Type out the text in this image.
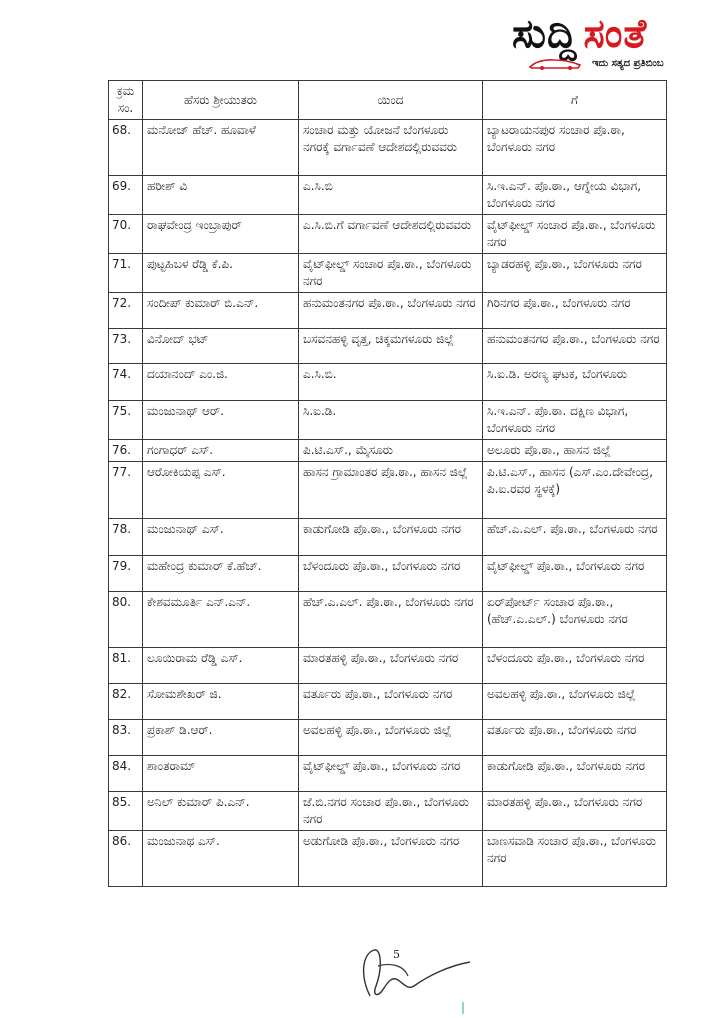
ಸುದ್ದಿ ಸಂತೆ
ಇದು ಸತ್ಯದ ಪ್ರತಿಬಿಂಬ
ಕ್ರಮ ಸಂ.	ಹೆಸರು ಶ್ರೀಯುತರು	ಯಿಂದ	ಗೆ
68.	ಮನೋಜ್ ಹೆಚ್. ಹೂವಾಳೆ	ಸಂಚಾರ ಮತ್ತು ಯೋಜನೆ ಬೆಂಗಳೂರು ನಗರಕ್ಕೆ ವರ್ಗಾವಣೆ ಆದೇಶದಲ್ಲಿರುವವರು	ಬ್ಯಾಟರಾಯನಪುರ ಸಂಚಾರ ಪೊ.ಠಾ, ಬೆಂಗಳೂರು ನಗರ
69.	ಹರೀಶ್ ವಿ	ಎ.ಸಿ.ಬಿ	ಸಿ.ಇ.ಎನ್. ಪೊ.ಠಾ., ಆಗ್ನೇಯ ವಿಭಾಗ, ಬೆಂಗಳೂರು ನಗರ
70.	ರಾಘವೇಂದ್ರ ಇಂಬ್ರಾಪುರ್	ಎ.ಸಿ.ಬಿ.ಗೆ ವರ್ಗಾವಣೆ ಆದೇಶದಲ್ಲಿರುವವರು	ವೈಟ್‌ಫೀಲ್ಡ್ ಸಂಚಾರ ಪೊ.ಠಾ., ಬೆಂಗಳೂರು ನಗರ
71.	ಪುಟ್ಟಹಿಬಳ ರೆಡ್ಡಿ ಕೆ.ಪಿ.	ವೈಟ್‌ಫೀಲ್ಡ್ ಸಂಚಾರ ಪೊ.ಠಾ., ಬೆಂಗಳೂರು ನಗರ	ಬ್ಯಾಡರಹಳ್ಳಿ ಪೊ.ಠಾ., ಬೆಂಗಳೂರು ನಗರ
72.	ಸಂದೀಪ್ ಕುಮಾರ್ ಬಿ.ಎನ್.	ಹನುಮಂತನಗರ ಪೊ.ಠಾ., ಬೆಂಗಳೂರು ನಗರ	ಗಿರಿನಗರ ಪೊ.ಠಾ., ಬೆಂಗಳೂರು ನಗರ
73.	ವಿನೋದ್ ಭಟ್	ಬಸವನಹಳ್ಳಿ ವೃತ್ತ, ಚಿಕ್ಕಮಗಳೂರು ಜಿಲ್ಲೆ	ಹನುಮಂತನಗರ ಪೊ.ಠಾ., ಬೆಂಗಳೂರು ನಗರ
74.	ದಯಾನಂದ್ ಎಂ.ಜಿ.	ಎ.ಸಿ.ಬಿ.	ಸಿ.ಐ.ಡಿ. ಅರಣ್ಯ ಘಟಕ, ಬೆಂಗಳೂರು
75.	ಮಂಜುನಾಥ್ ಆರ್.	ಸಿ.ಐ.ಡಿ.	ಸಿ.ಇ.ಎನ್. ಪೊ.ಠಾ. ದಕ್ಷಿಣ ವಿಭಾಗ, ಬೆಂಗಳೂರು ನಗರ
76.	ಗಂಗಾಧರ್ ಎಸ್.	ಪಿ.ಟಿ.ಎಸ್., ಮೈಸೂರು	ಅಲೂರು ಪೊ.ಠಾ., ಹಾಸನ ಜಿಲ್ಲೆ
77.	ಆರೋಕಿಯಪ್ಪ ಎಸ್.	ಹಾಸನ ಗ್ರಾಮಾಂತರ ಪೊ.ಠಾ., ಹಾಸನ ಜಿಲ್ಲೆ	ಪಿ.ಟಿ.ಎಸ್., ಹಾಸನ (ಎಸ್.ಎಂ.ದೇವೇಂದ್ರ, ಪಿ.ಐ.ರವರ ಸ್ಥಳಕ್ಕೆ)
78.	ಮಂಜುನಾಥ್ ಎಸ್.	ಕಾಡುಗೋಡಿ ಪೊ.ಠಾ., ಬೆಂಗಳೂರು ನಗರ	ಹೆಚ್.ಎ.ಎಲ್. ಪೊ.ಠಾ., ಬೆಂಗಳೂರು ನಗರ
79.	ಮಹೇಂದ್ರ ಕುಮಾರ್ ಕೆ.ಹೆಚ್.	ಬೆಳಂದೂರು ಪೊ.ಠಾ., ಬೆಂಗಳೂರು ನಗರ	ವೈಟ್‌ಫೀಲ್ಡ್ ಪೊ.ಠಾ., ಬೆಂಗಳೂರು ನಗರ
80.	ಕೇಶವಮೂರ್ತಿ ಎನ್.ಎನ್.	ಹೆಚ್.ಎ.ಎಲ್. ಪೊ.ಠಾ., ಬೆಂಗಳೂರು ನಗರ	ಏರ್‌ಪೋರ್ಟ್ ಸಂಚಾರ ಪೊ.ಠಾ., (ಹೆಚ್.ಎ.ಎಲ್.) ಬೆಂಗಳೂರು ನಗರ
81.	ಲೂಯಿರಾಮ ರೆಡ್ಡಿ ಎಸ್.	ಮಾರತಹಳ್ಳಿ ಪೊ.ಠಾ., ಬೆಂಗಳೂರು ನಗರ	ಬೆಳಂದೂರು ಪೊ.ಠಾ., ಬೆಂಗಳೂರು ನಗರ
82.	ಸೋಮಶೇಖರ್ ಜಿ.	ವರ್ತೂರು ಪೊ.ಠಾ., ಬೆಂಗಳೂರು ನಗರ	ಅವಲಹಳ್ಳಿ ಪೊ.ಠಾ., ಬೆಂಗಳೂರು ಜಿಲ್ಲೆ
83.	ಪ್ರಕಾಶ್ ಡಿ.ಆರ್.	ಅವಲಹಳ್ಳಿ ಪೊ.ಠಾ., ಬೆಂಗಳೂರು ಜಿಲ್ಲೆ	ವರ್ತೂರು ಪೊ.ಠಾ., ಬೆಂಗಳೂರು ನಗರ
84.	ಶಾಂತರಾಮ್	ವೈಟ್‌ಫೀಲ್ಡ್ ಪೊ.ಠಾ., ಬೆಂಗಳೂರು ನಗರ	ಕಾಡುಗೋಡಿ ಪೊ.ಠಾ., ಬೆಂಗಳೂರು ನಗರ
85.	ಅನಿಲ್ ಕುಮಾರ್ ಪಿ.ಎನ್.	ಜೆ.ಬಿ.ನಗರ ಸಂಚಾರ ಪೊ.ಠಾ., ಬೆಂಗಳೂರು ನಗರ	ಮಾರತಹಳ್ಳಿ ಪೊ.ಠಾ., ಬೆಂಗಳೂರು ನಗರ
86.	ಮಂಜುನಾಥ ಎಸ್.	ಅಡುಗೋಡಿ ಪೊ.ಠಾ., ಬೆಂಗಳೂರು ನಗರ	ಬಾಣಸವಾಡಿ ಸಂಚಾರ ಪೊ.ಠಾ., ಬೆಂಗಳೂರು ನಗರ
5
